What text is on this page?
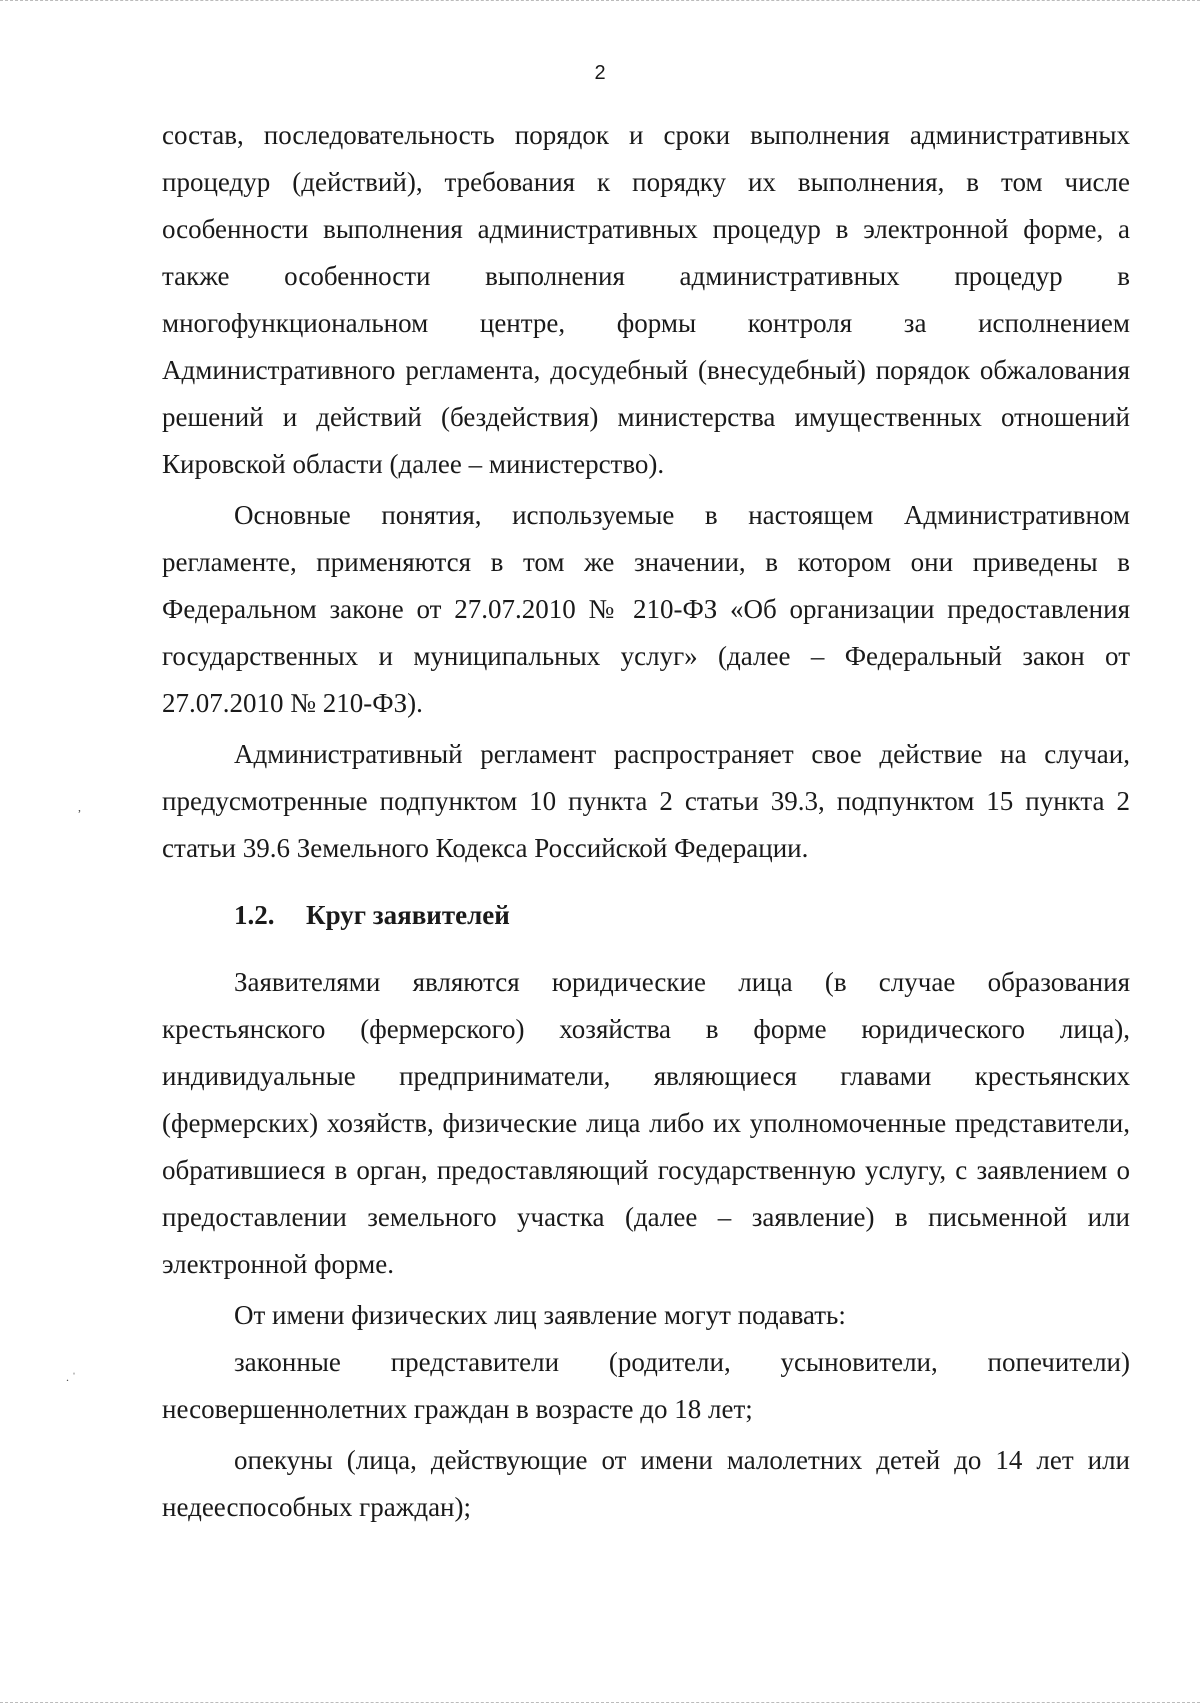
2

состав, последовательность порядок и сроки выполнения административных процедур (действий), требования к порядку их выполнения, в том числе особенности выполнения административных процедур в электронной форме, а также особенности выполнения административных процедур в многофункциональном центре, формы контроля за исполнением Административного регламента, досудебный (внесудебный) порядок обжалования решений и действий (бездействия) министерства имущественных отношений Кировской области (далее – министерство).

Основные понятия, используемые в настоящем Административном регламенте, применяются в том же значении, в котором они приведены в Федеральном законе от 27.07.2010 № 210-ФЗ «Об организации предоставления государственных и муниципальных услуг» (далее – Федеральный закон от 27.07.2010 № 210-ФЗ).

Административный регламент распространяет свое действие на случаи, предусмотренные подпунктом 10 пункта 2 статьи 39.3, подпунктом 15 пункта 2 статьи 39.6 Земельного Кодекса Российской Федерации.

1.2. Круг заявителей

Заявителями являются юридические лица (в случае образования крестьянского (фермерского) хозяйства в форме юридического лица), индивидуальные предприниматели, являющиеся главами крестьянских (фермерских) хозяйств, физические лица либо их уполномоченные представители, обратившиеся в орган, предоставляющий государственную услугу, с заявлением о предоставлении земельного участка (далее – заявление) в письменной или электронной форме.

От имени физических лиц заявление могут подавать:

законные представители (родители, усыновители, попечители) несовершеннолетних граждан в возрасте до 18 лет;

опекуны (лица, действующие от имени малолетних детей до 14 лет или недееспособных граждан);

,
. ˈ
